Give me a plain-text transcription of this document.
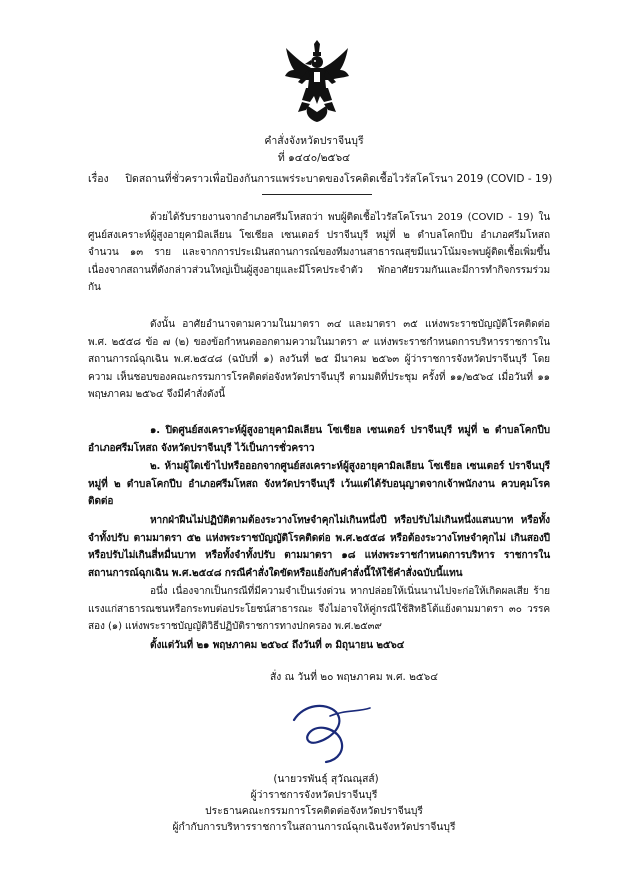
คำสั่งจังหวัดปราจีนบุรี
ที่ ๑๔๔๐/๒๕๖๔
เรื่อง ปิดสถานที่ชั่วคราวเพื่อป้องกันการแพร่ระบาดของโรคติดเชื้อไวรัสโคโรนา 2019 (COVID - 19)
ด้วยได้รับรายงานจากอำเภอศรีมโหสถว่า พบผู้ติดเชื้อไวรัสโคโรนา 2019 (COVID - 19) ในศูนย์สงเคราะห์ผู้สูงอายุคามิลเลียน โซเชียล เซนเตอร์ ปราจีนบุรี หมู่ที่ ๒ ตำบลโคกปีบ อำเภอศรีมโหสถ จำนวน ๑๓ ราย และจากการประเมินสถานการณ์ของทีมงานสาธารณสุขมีแนวโน้มจะพบผู้ติดเชื้อเพิ่มขึ้น เนื่องจากสถานที่ดังกล่าวส่วนใหญ่เป็นผู้สูงอายุและมีโรคประจำตัว พักอาศัยรวมกันและมีการทำกิจกรรมร่วมกัน
ดังนั้น อาศัยอำนาจตามความในมาตรา ๓๔ และมาตรา ๓๕ แห่งพระราชบัญญัติโรคติดต่อ พ.ศ. ๒๕๕๘ ข้อ ๗ (๒) ของข้อกำหนดออกตามความในมาตรา ๙ แห่งพระราชกำหนดการบริหารราชการใน สถานการณ์ฉุกเฉิน พ.ศ.๒๕๔๘ (ฉบับที่ ๑) ลงวันที่ ๒๕ มีนาคม ๒๕๖๓ ผู้ว่าราชการจังหวัดปราจีนบุรี โดยความ เห็นชอบของคณะกรรมการโรคติดต่อจังหวัดปราจีนบุรี ตามมติที่ประชุม ครั้งที่ ๑๑/๒๕๖๔ เมื่อวันที่ ๑๑ พฤษภาคม ๒๕๖๔ จึงมีคำสั่งดังนี้
๑. ปิดศูนย์สงเคราะห์ผู้สูงอายุคามิลเลียน โซเชียล เซนเตอร์ ปราจีนบุรี หมู่ที่ ๒ ตำบลโคกปีบ อำเภอศรีมโหสถ จังหวัดปราจีนบุรี ไว้เป็นการชั่วคราว
๒. ห้ามผู้ใดเข้าไปหรือออกจากศูนย์สงเคราะห์ผู้สูงอายุคามิลเลียน โซเชียล เซนเตอร์ ปราจีนบุรี หมู่ที่ ๒ ตำบลโคกปีบ อำเภอศรีมโหสถ จังหวัดปราจีนบุรี เว้นแต่ได้รับอนุญาตจากเจ้าพนักงาน ควบคุมโรคติดต่อ
หากฝ่าฝืนไม่ปฏิบัติตามต้องระวางโทษจำคุกไม่เกินหนึ่งปี หรือปรับไม่เกินหนึ่งแสนบาท หรือทั้งจำทั้งปรับ ตามมาตรา ๕๒ แห่งพระราชบัญญัติโรคติดต่อ พ.ศ.๒๕๕๘ หรือต้องระวางโทษจำคุกไม่ เกินสองปี หรือปรับไม่เกินสี่หมื่นบาท หรือทั้งจำทั้งปรับ ตามมาตรา ๑๘ แห่งพระราชกำหนดการบริหาร ราชการในสถานการณ์ฉุกเฉิน พ.ศ.๒๕๔๘ กรณีคำสั่งใดขัดหรือแย้งกับคำสั่งนี้ให้ใช้คำสั่งฉบับนี้แทน
อนึ่ง เนื่องจากเป็นกรณีที่มีความจำเป็นเร่งด่วน หากปล่อยให้เนิ่นนานไปจะก่อให้เกิดผลเสีย ร้ายแรงแก่สาธารณชนหรือกระทบต่อประโยชน์สาธารณะ จึงไม่อาจให้คู่กรณีใช้สิทธิโต้แย้งตามมาตรา ๓๐ วรรคสอง (๑) แห่งพระราชบัญญัติวิธีปฏิบัติราชการทางปกครอง พ.ศ.๒๕๓๙
ตั้งแต่วันที่ ๒๑ พฤษภาคม ๒๕๖๔ ถึงวันที่ ๓ มิถุนายน ๒๕๖๔
สั่ง ณ วันที่ ๒๐ พฤษภาคม พ.ศ. ๒๕๖๔
(นายวรพันธุ์ สุวัณณุสส์)
ผู้ว่าราชการจังหวัดปราจีนบุรี
ประธานคณะกรรมการโรคติดต่อจังหวัดปราจีนบุรี
ผู้กำกับการบริหารราชการในสถานการณ์ฉุกเฉินจังหวัดปราจีนบุรี
